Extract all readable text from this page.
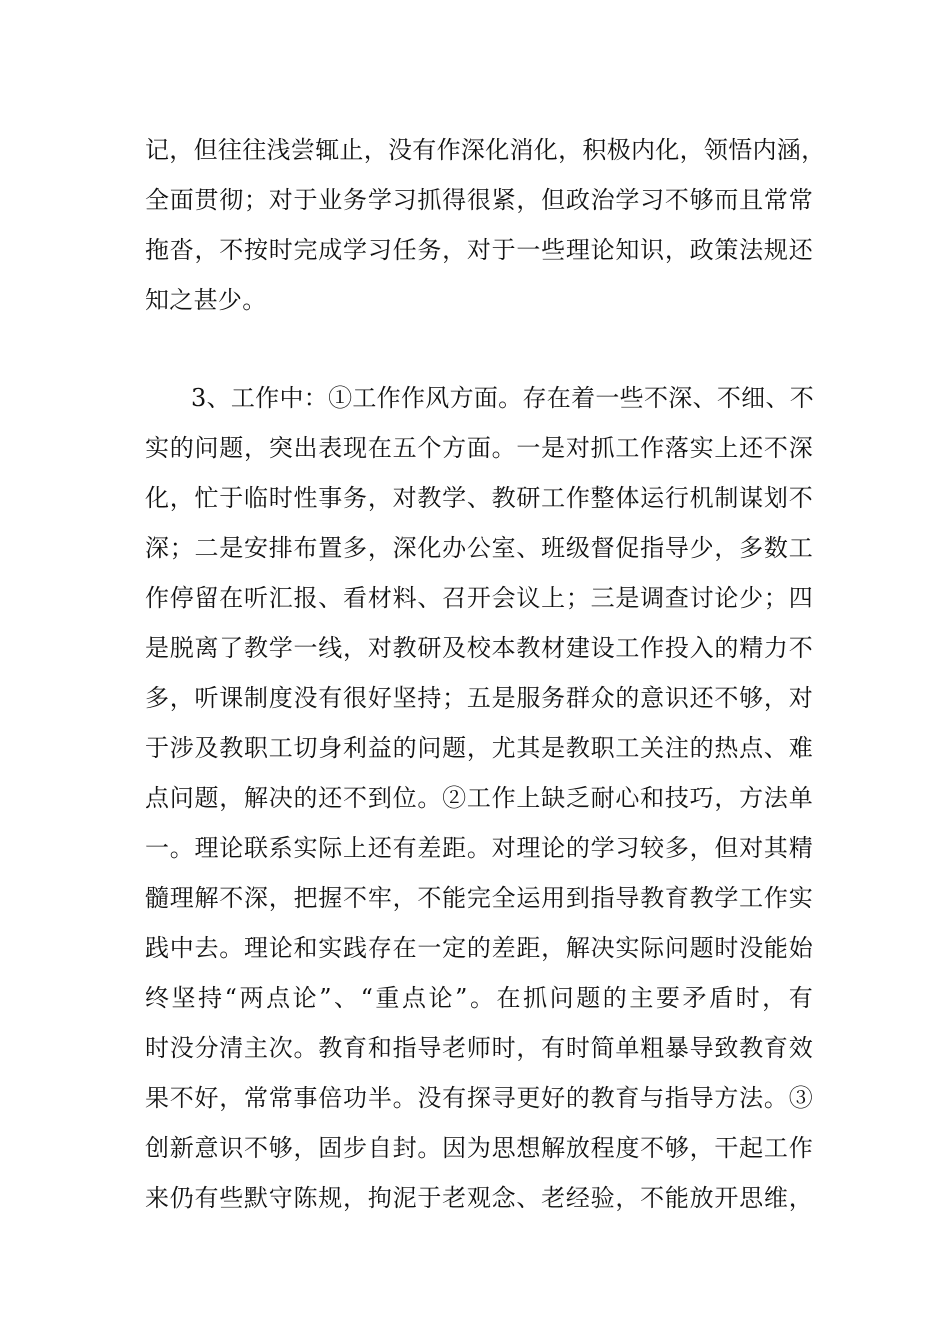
记，但往往浅尝辄止，没有作深化消化，积极内化，领悟内涵，
全面贯彻；对于业务学习抓得很紧，但政治学习不够而且常常
拖沓，不按时完成学习任务，对于一些理论知识，政策法规还
知之甚少。
3、工作中：①工作作风方面。存在着一些不深、不细、不
实的问题，突出表现在五个方面。一是对抓工作落实上还不深
化，忙于临时性事务，对教学、教研工作整体运行机制谋划不
深；二是安排布置多，深化办公室、班级督促指导少，多数工
作停留在听汇报、看材料、召开会议上；三是调查讨论少；四
是脱离了教学一线，对教研及校本教材建设工作投入的精力不
多，听课制度没有很好坚持；五是服务群众的意识还不够，对
于涉及教职工切身利益的问题，尤其是教职工关注的热点、难
点问题，解决的还不到位。②工作上缺乏耐心和技巧，方法单
一。理论联系实际上还有差距。对理论的学习较多，但对其精
髓理解不深，把握不牢，不能完全运用到指导教育教学工作实
践中去。理论和实践存在一定的差距，解决实际问题时没能始
终坚持“两点论”、“重点论”。在抓问题的主要矛盾时，有
时没分清主次。教育和指导老师时，有时简单粗暴导致教育效
果不好，常常事倍功半。没有探寻更好的教育与指导方法。③
创新意识不够，固步自封。因为思想解放程度不够，干起工作
来仍有些默守陈规，拘泥于老观念、老经验，不能放开思维，
